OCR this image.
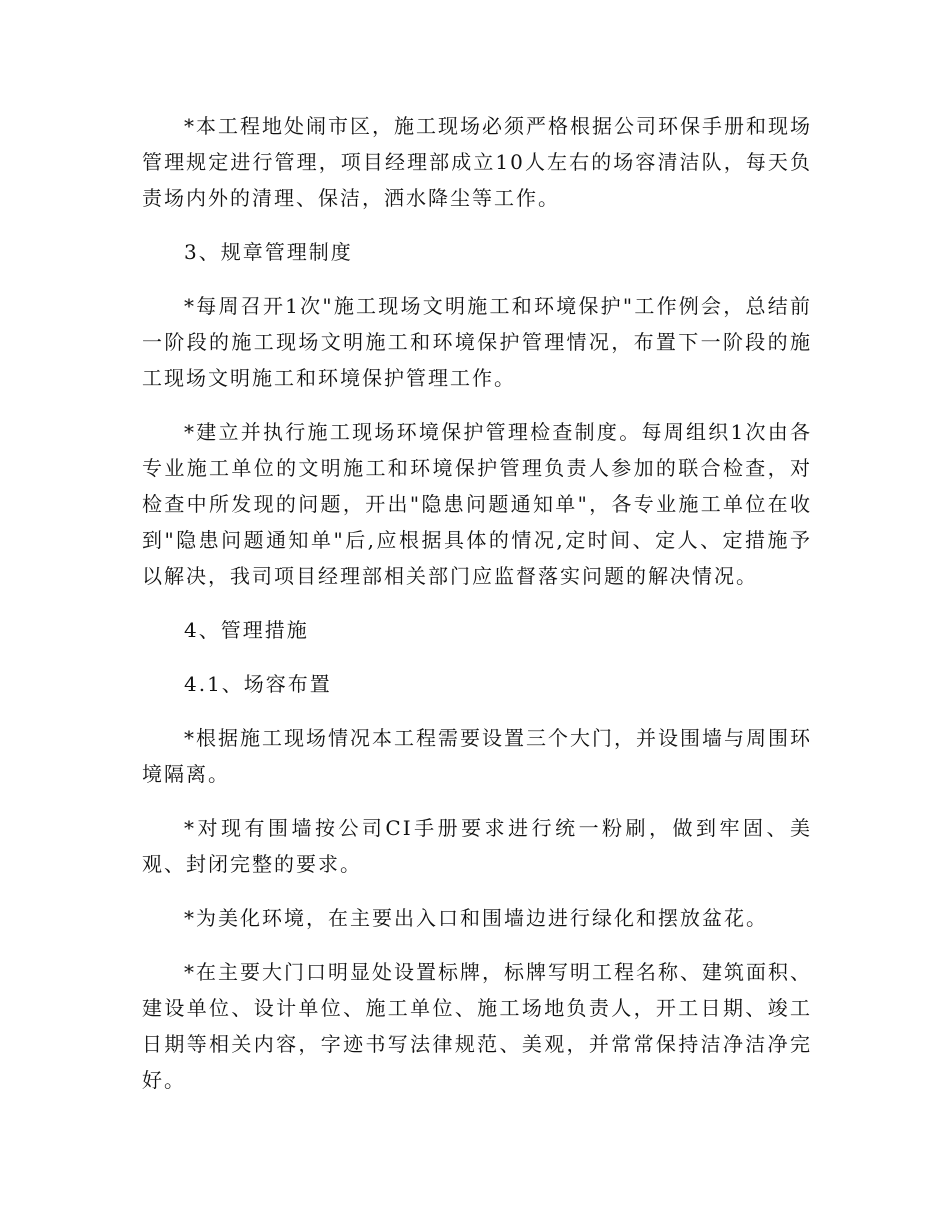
*本工程地处闹市区，施工现场必须严格根据公司环保手册和现场管理规定进行管理，项目经理部成立10人左右的场容清洁队，每天负责场内外的清理、保洁，洒水降尘等工作。

3、规章管理制度

*每周召开1次"施工现场文明施工和环境保护"工作例会，总结前一阶段的施工现场文明施工和环境保护管理情况，布置下一阶段的施工现场文明施工和环境保护管理工作。

*建立并执行施工现场环境保护管理检查制度。每周组织1次由各专业施工单位的文明施工和环境保护管理负责人参加的联合检查，对检查中所发现的问题，开出"隐患问题通知单"，各专业施工单位在收到"隐患问题通知单"后,应根据具体的情况,定时间、定人、定措施予以解决，我司项目经理部相关部门应监督落实问题的解决情况。

4、管理措施

4.1、场容布置

*根据施工现场情况本工程需要设置三个大门，并设围墙与周围环境隔离。

*对现有围墙按公司CI手册要求进行统一粉刷，做到牢固、美观、封闭完整的要求。

*为美化环境，在主要出入口和围墙边进行绿化和摆放盆花。

*在主要大门口明显处设置标牌，标牌写明工程名称、建筑面积、建设单位、设计单位、施工单位、施工场地负责人，开工日期、竣工日期等相关内容，字迹书写法律规范、美观，并常常保持洁净洁净完好。
